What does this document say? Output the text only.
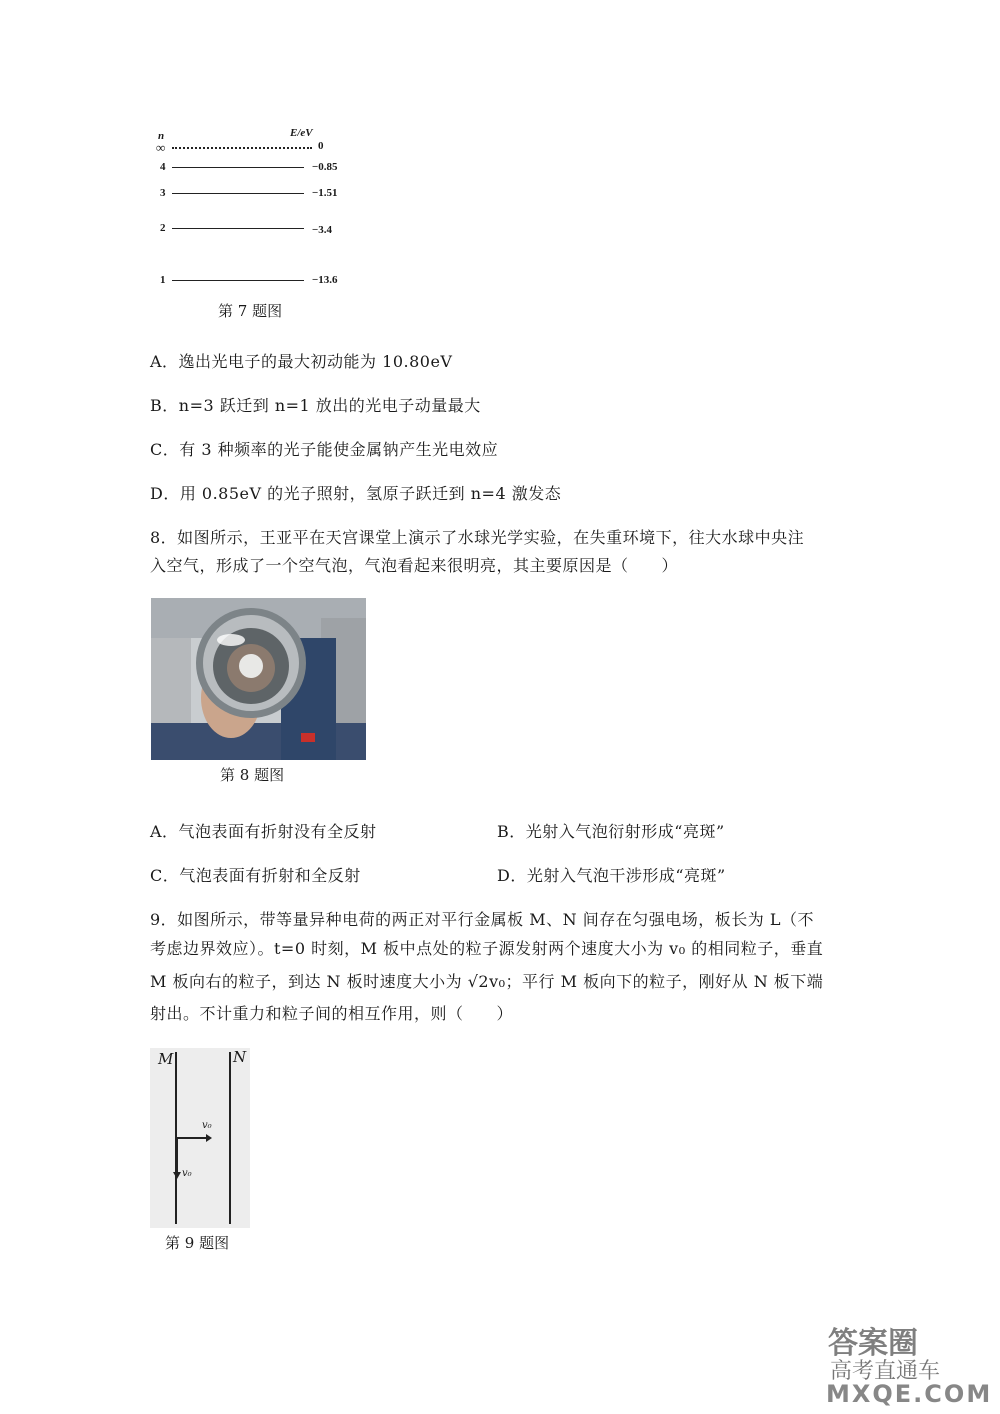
n	E/eV
∞	0
4	−0.85
3	−1.51
2	−3.4
1	−13.6
第 7 题图
A．逸出光电子的最大初动能为 10.80eV
B．n=3 跃迁到 n=1 放出的光电子动量最大
C．有 3 种频率的光子能使金属钠产生光电效应
D．用 0.85eV 的光子照射，氢原子跃迁到 n=4 激发态
8．如图所示，王亚平在天宫课堂上演示了水球光学实验，在失重环境下，往大水球中央注
入空气，形成了一个空气泡，气泡看起来很明亮，其主要原因是（　　）
第 8 题图
A．气泡表面有折射没有全反射	B．光射入气泡衍射形成“亮斑”
C．气泡表面有折射和全反射	D．光射入气泡干涉形成“亮斑”
9．如图所示，带等量异种电荷的两正对平行金属板 M、N 间存在匀强电场，板长为 L（不
考虑边界效应）。t=0 时刻，M 板中点处的粒子源发射两个速度大小为 v₀ 的相同粒子，垂直
M 板向右的粒子，到达 N 板时速度大小为 √2v₀；平行 M 板向下的粒子，刚好从 N 板下端
射出。不计重力和粒子间的相互作用，则（　　）
M	N
v₀
v₀
第 9 题图
答案圈
高考直通车
MXQE.COM
